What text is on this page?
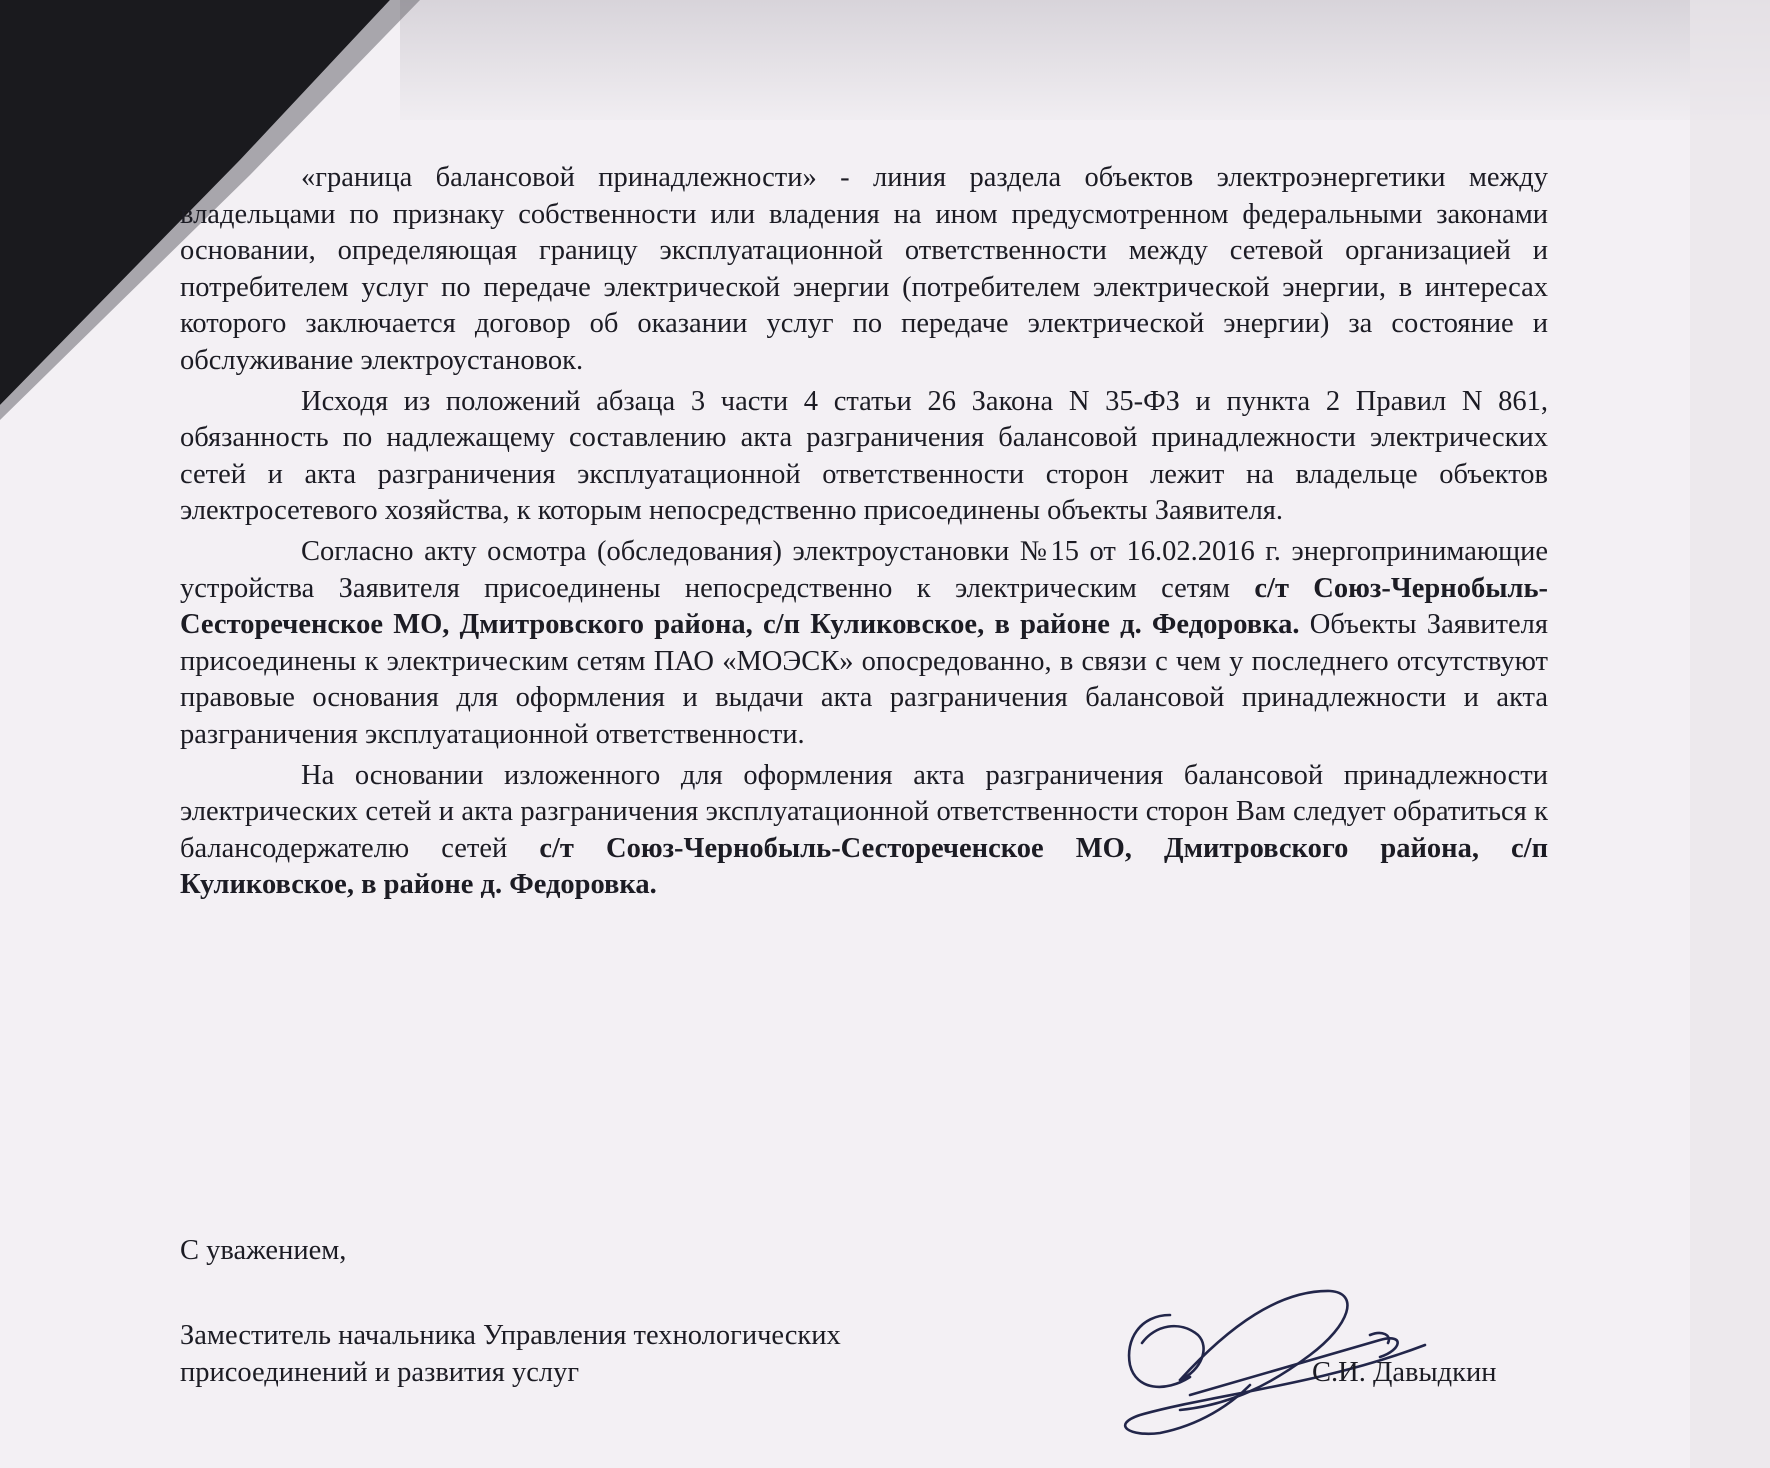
«граница балансовой принадлежности» - линия раздела объектов электроэнергетики между владельцами по признаку собственности или владения на ином предусмотренном федеральными законами основании, определяющая границу эксплуатационной ответственности между сетевой организацией и потребителем услуг по передаче электрической энергии (потребителем электрической энергии, в интересах которого заключается договор об оказании услуг по передаче электрической энергии) за состояние и обслуживание электроустановок.

Исходя из положений абзаца 3 части 4 статьи 26 Закона N 35-ФЗ и пункта 2 Правил N 861, обязанность по надлежащему составлению акта разграничения балансовой принадлежности электрических сетей и акта разграничения эксплуатационной ответственности сторон лежит на владельце объектов электросетевого хозяйства, к которым непосредственно присоединены объекты Заявителя.

Согласно акту осмотра (обследования) электроустановки №15 от 16.02.2016 г. энергопринимающие устройства Заявителя присоединены непосредственно к электрическим сетям с/т Союз-Чернобыль-Сестореченское МО, Дмитровского района, с/п Куликовское, в районе д. Федоровка. Объекты Заявителя присоединены к электрическим сетям ПАО «МОЭСК» опосредованно, в связи с чем у последнего отсутствуют правовые основания для оформления и выдачи акта разграничения балансовой принадлежности и акта разграничения эксплуатационной ответственности.

На основании изложенного для оформления акта разграничения балансовой принадлежности электрических сетей и акта разграничения эксплуатационной ответственности сторон Вам следует обратиться к балансодержателю сетей с/т Союз-Чернобыль-Сестореченское МО, Дмитровского района, с/п Куликовское, в районе д. Федоровка.

С уважением,
Заместитель начальника Управления технологических
присоединений и развития услуг	С.И. Давыдкин
